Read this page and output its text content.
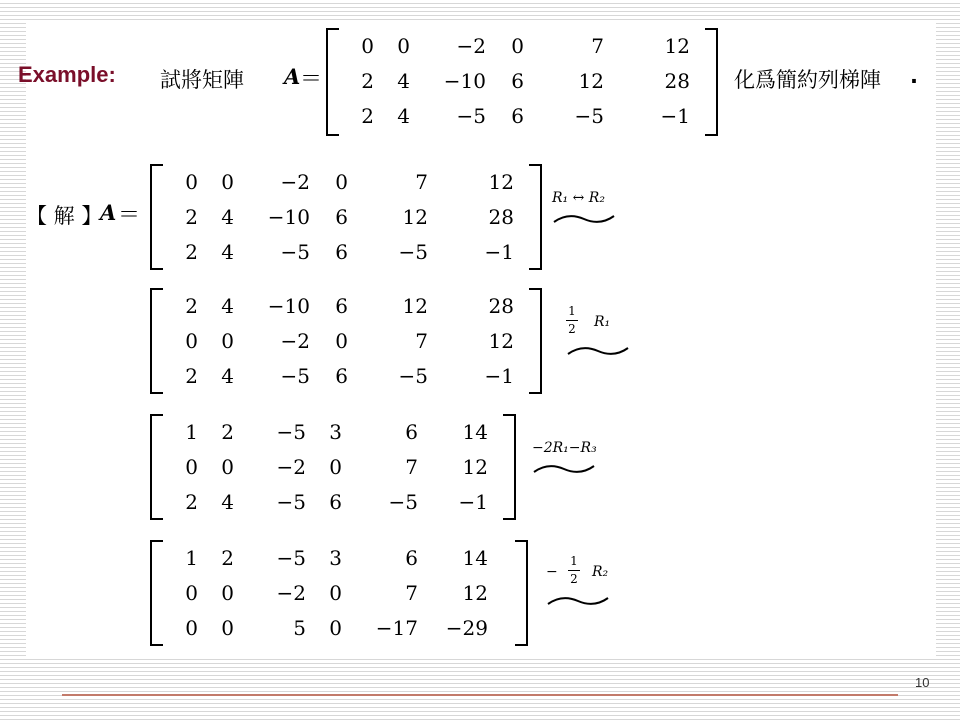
Example: 試將矩陣 A ＝
0	0	−2	0	7	12
2	4	−10	6	12	28
2	4	−5	6	−5	−1
化爲簡約列梯陣 .
【 解 】
A ＝
0	0	−2	0	7	12
2	4	−10	6	12	28
2	4	−5	6	−5	−1
R₁ ↔ R₂
2	4	−10	6	12	28
0	0	−2	0	7	12
2	4	−5	6	−5	−1
1
2 R₁
1	2	−5	3	6	14
0	0	−2	0	7	12
2	4	−5	6	−5	−1
−2R₁−R₃
1	2	−5	3	6	14
0	0	−2	0	7	12
0	0	5	0	−17	−29
−
1
2 R₂
10
